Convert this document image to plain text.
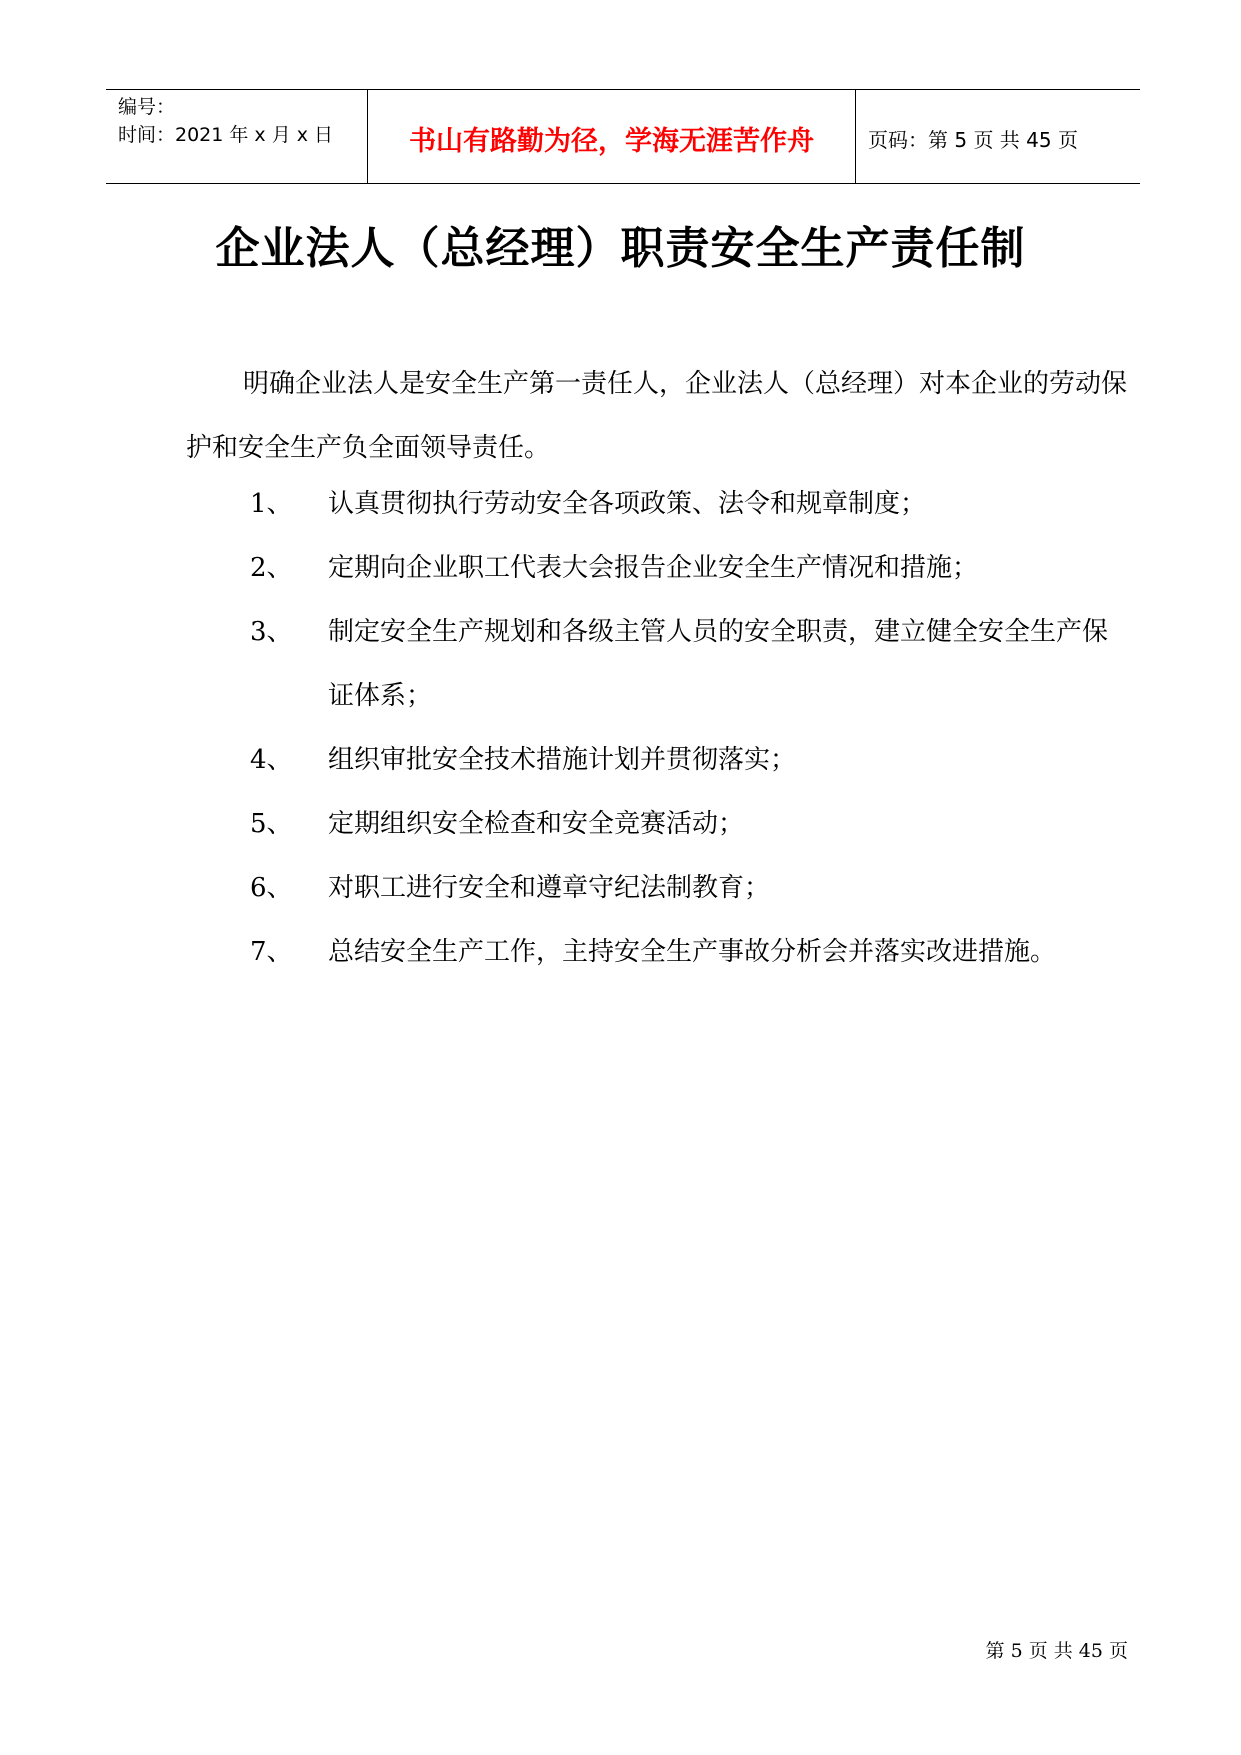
编号：
时间：2021 年 x 月 x 日	书山有路勤为径，学海无涯苦作舟	页码：第 5 页 共 45 页
企业法人（总经理）职责安全生产责任制
明确企业法人是安全生产第一责任人，企业法人（总经理）对本企业的劳动保护和安全生产负全面领导责任。
1、	认真贯彻执行劳动安全各项政策、法令和规章制度；
2、	定期向企业职工代表大会报告企业安全生产情况和措施；
3、	制定安全生产规划和各级主管人员的安全职责，建立健全安全生产保证体系；
4、	组织审批安全技术措施计划并贯彻落实；
5、	定期组织安全检查和安全竞赛活动；
6、	对职工进行安全和遵章守纪法制教育；
7、	总结安全生产工作，主持安全生产事故分析会并落实改进措施。
第 5 页 共 45 页
